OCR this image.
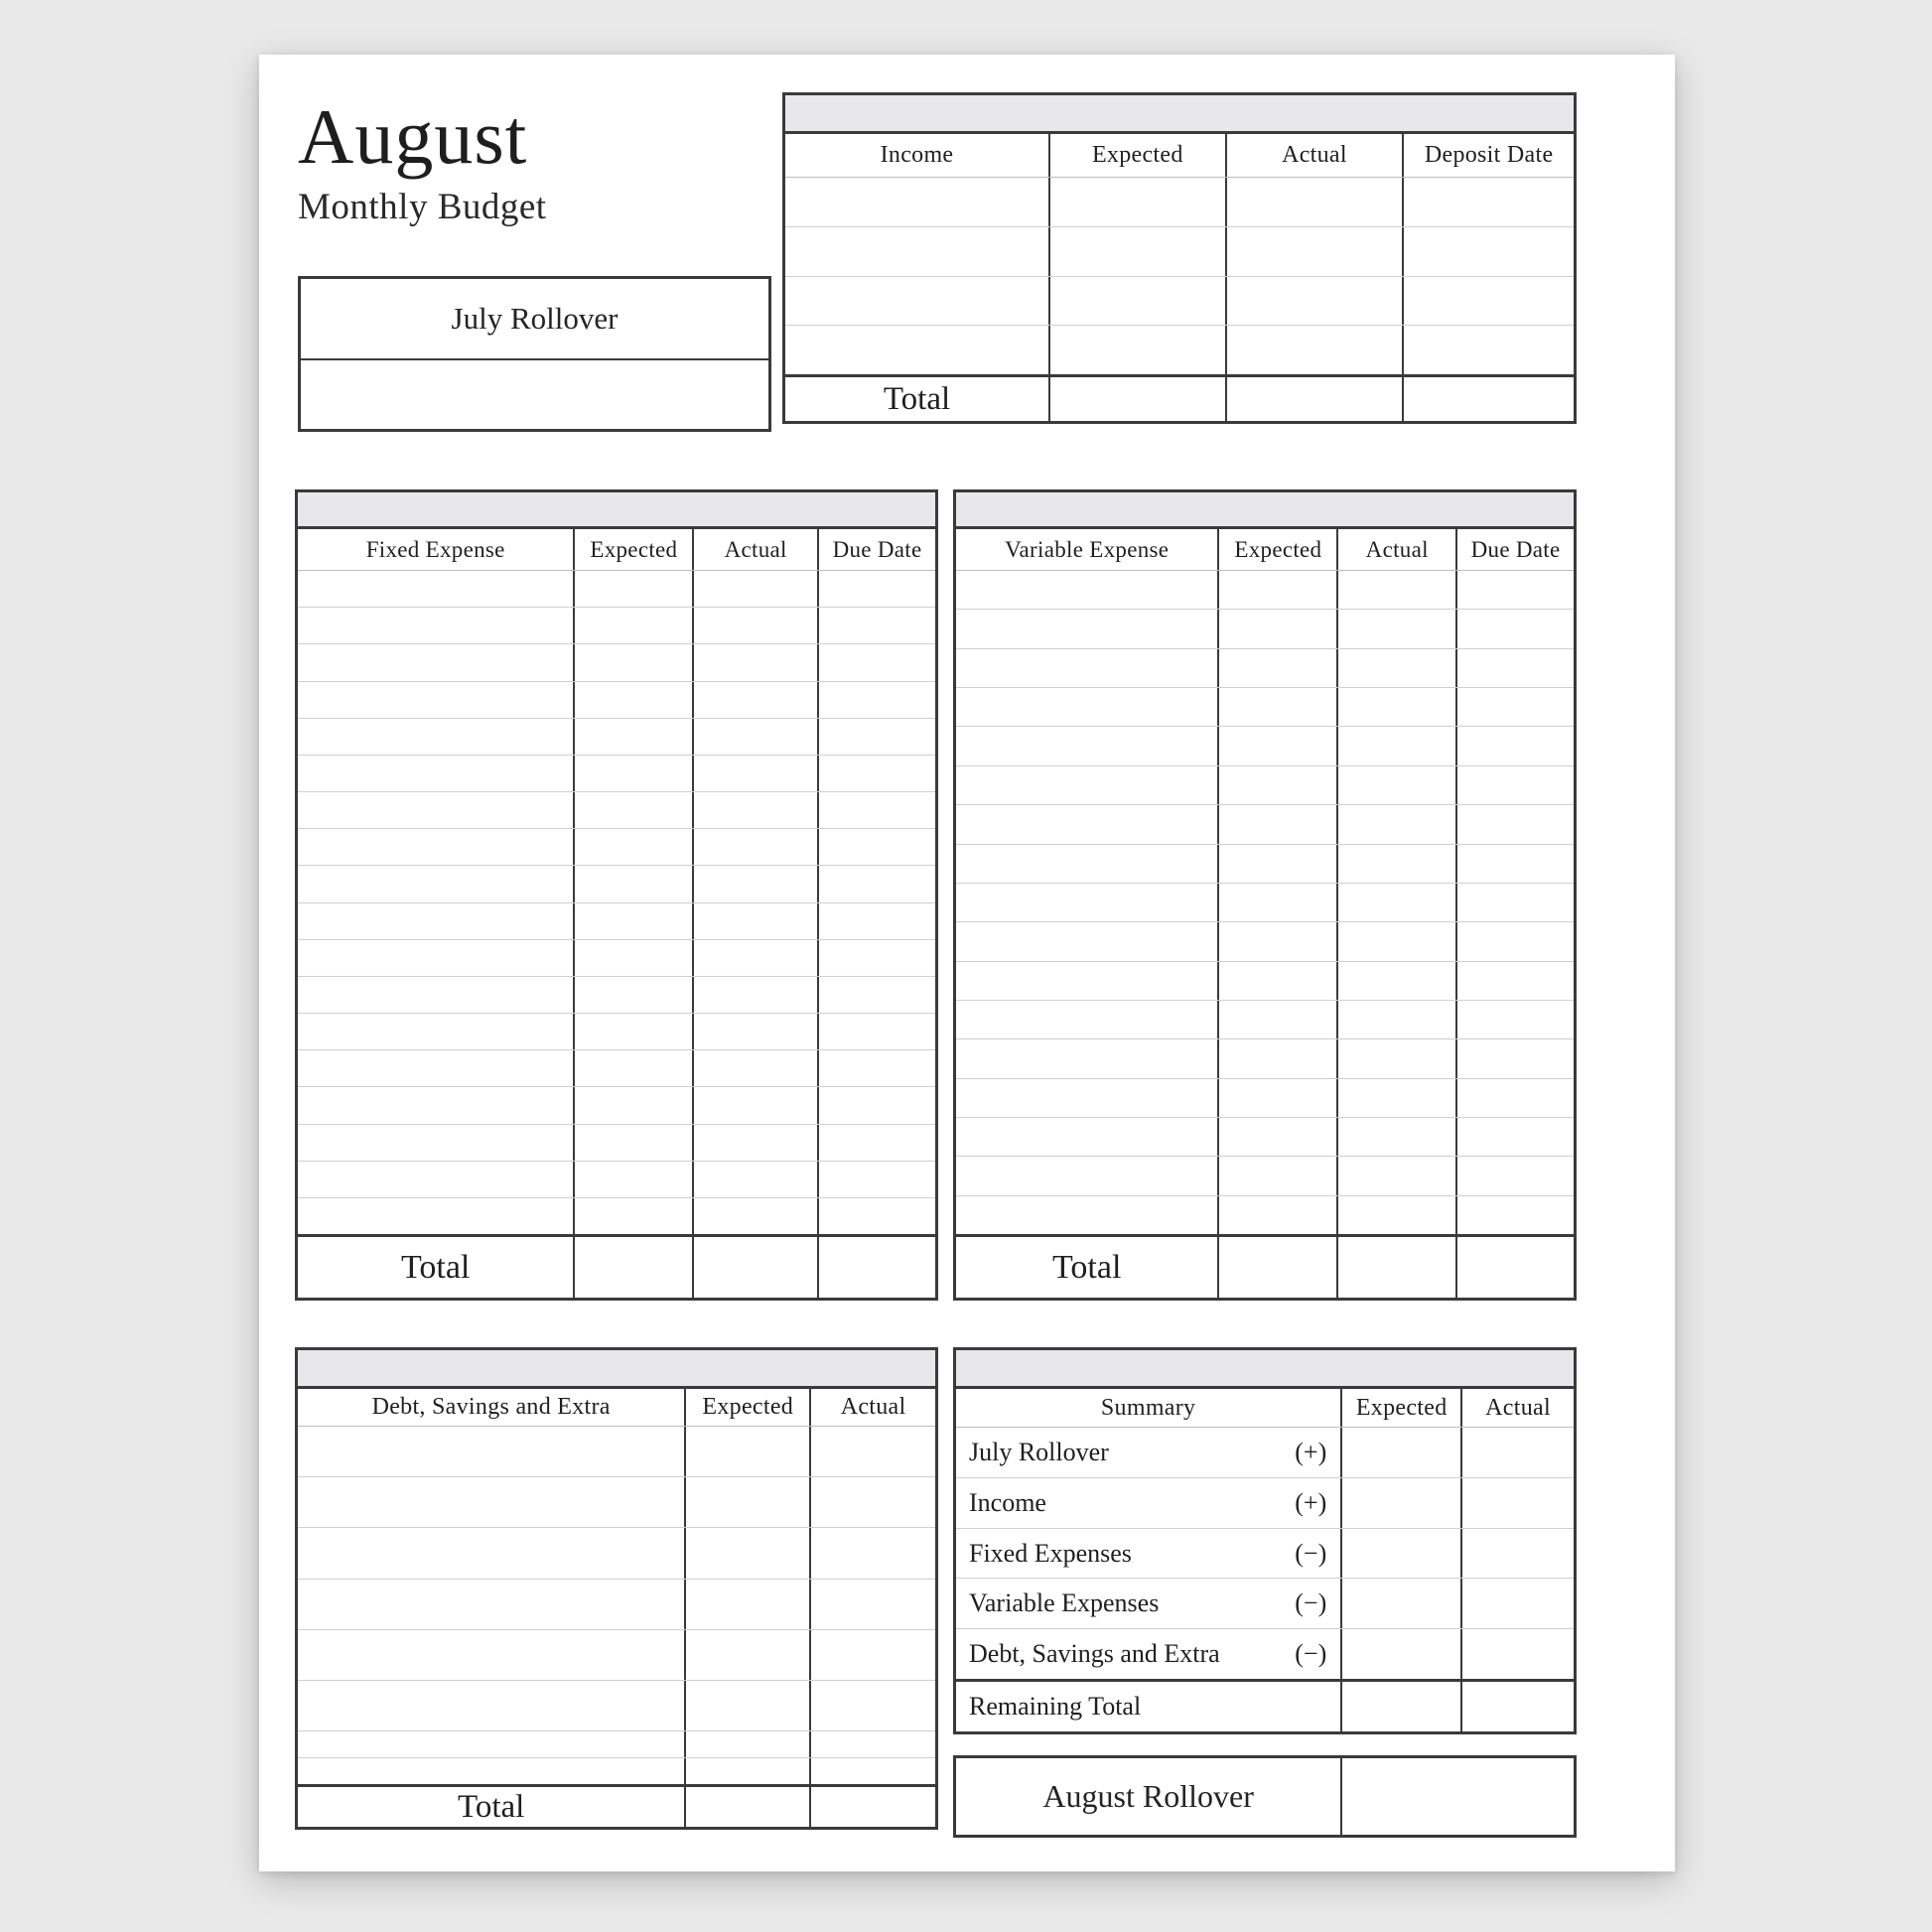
August
Monthly Budget
July Rollover
Income	Expected	Actual	Deposit Date
Total
Fixed Expense	Expected	Actual	Due Date
Total
Variable Expense	Expected	Actual	Due Date
Total
Debt, Savings and Extra	Expected	Actual
Total
Summary	Expected	Actual
July Rollover	(+)
Income	(+)
Fixed Expenses	(−)
Variable Expenses	(−)
Debt, Savings and Extra	(−)
Remaining Total
August Rollover
